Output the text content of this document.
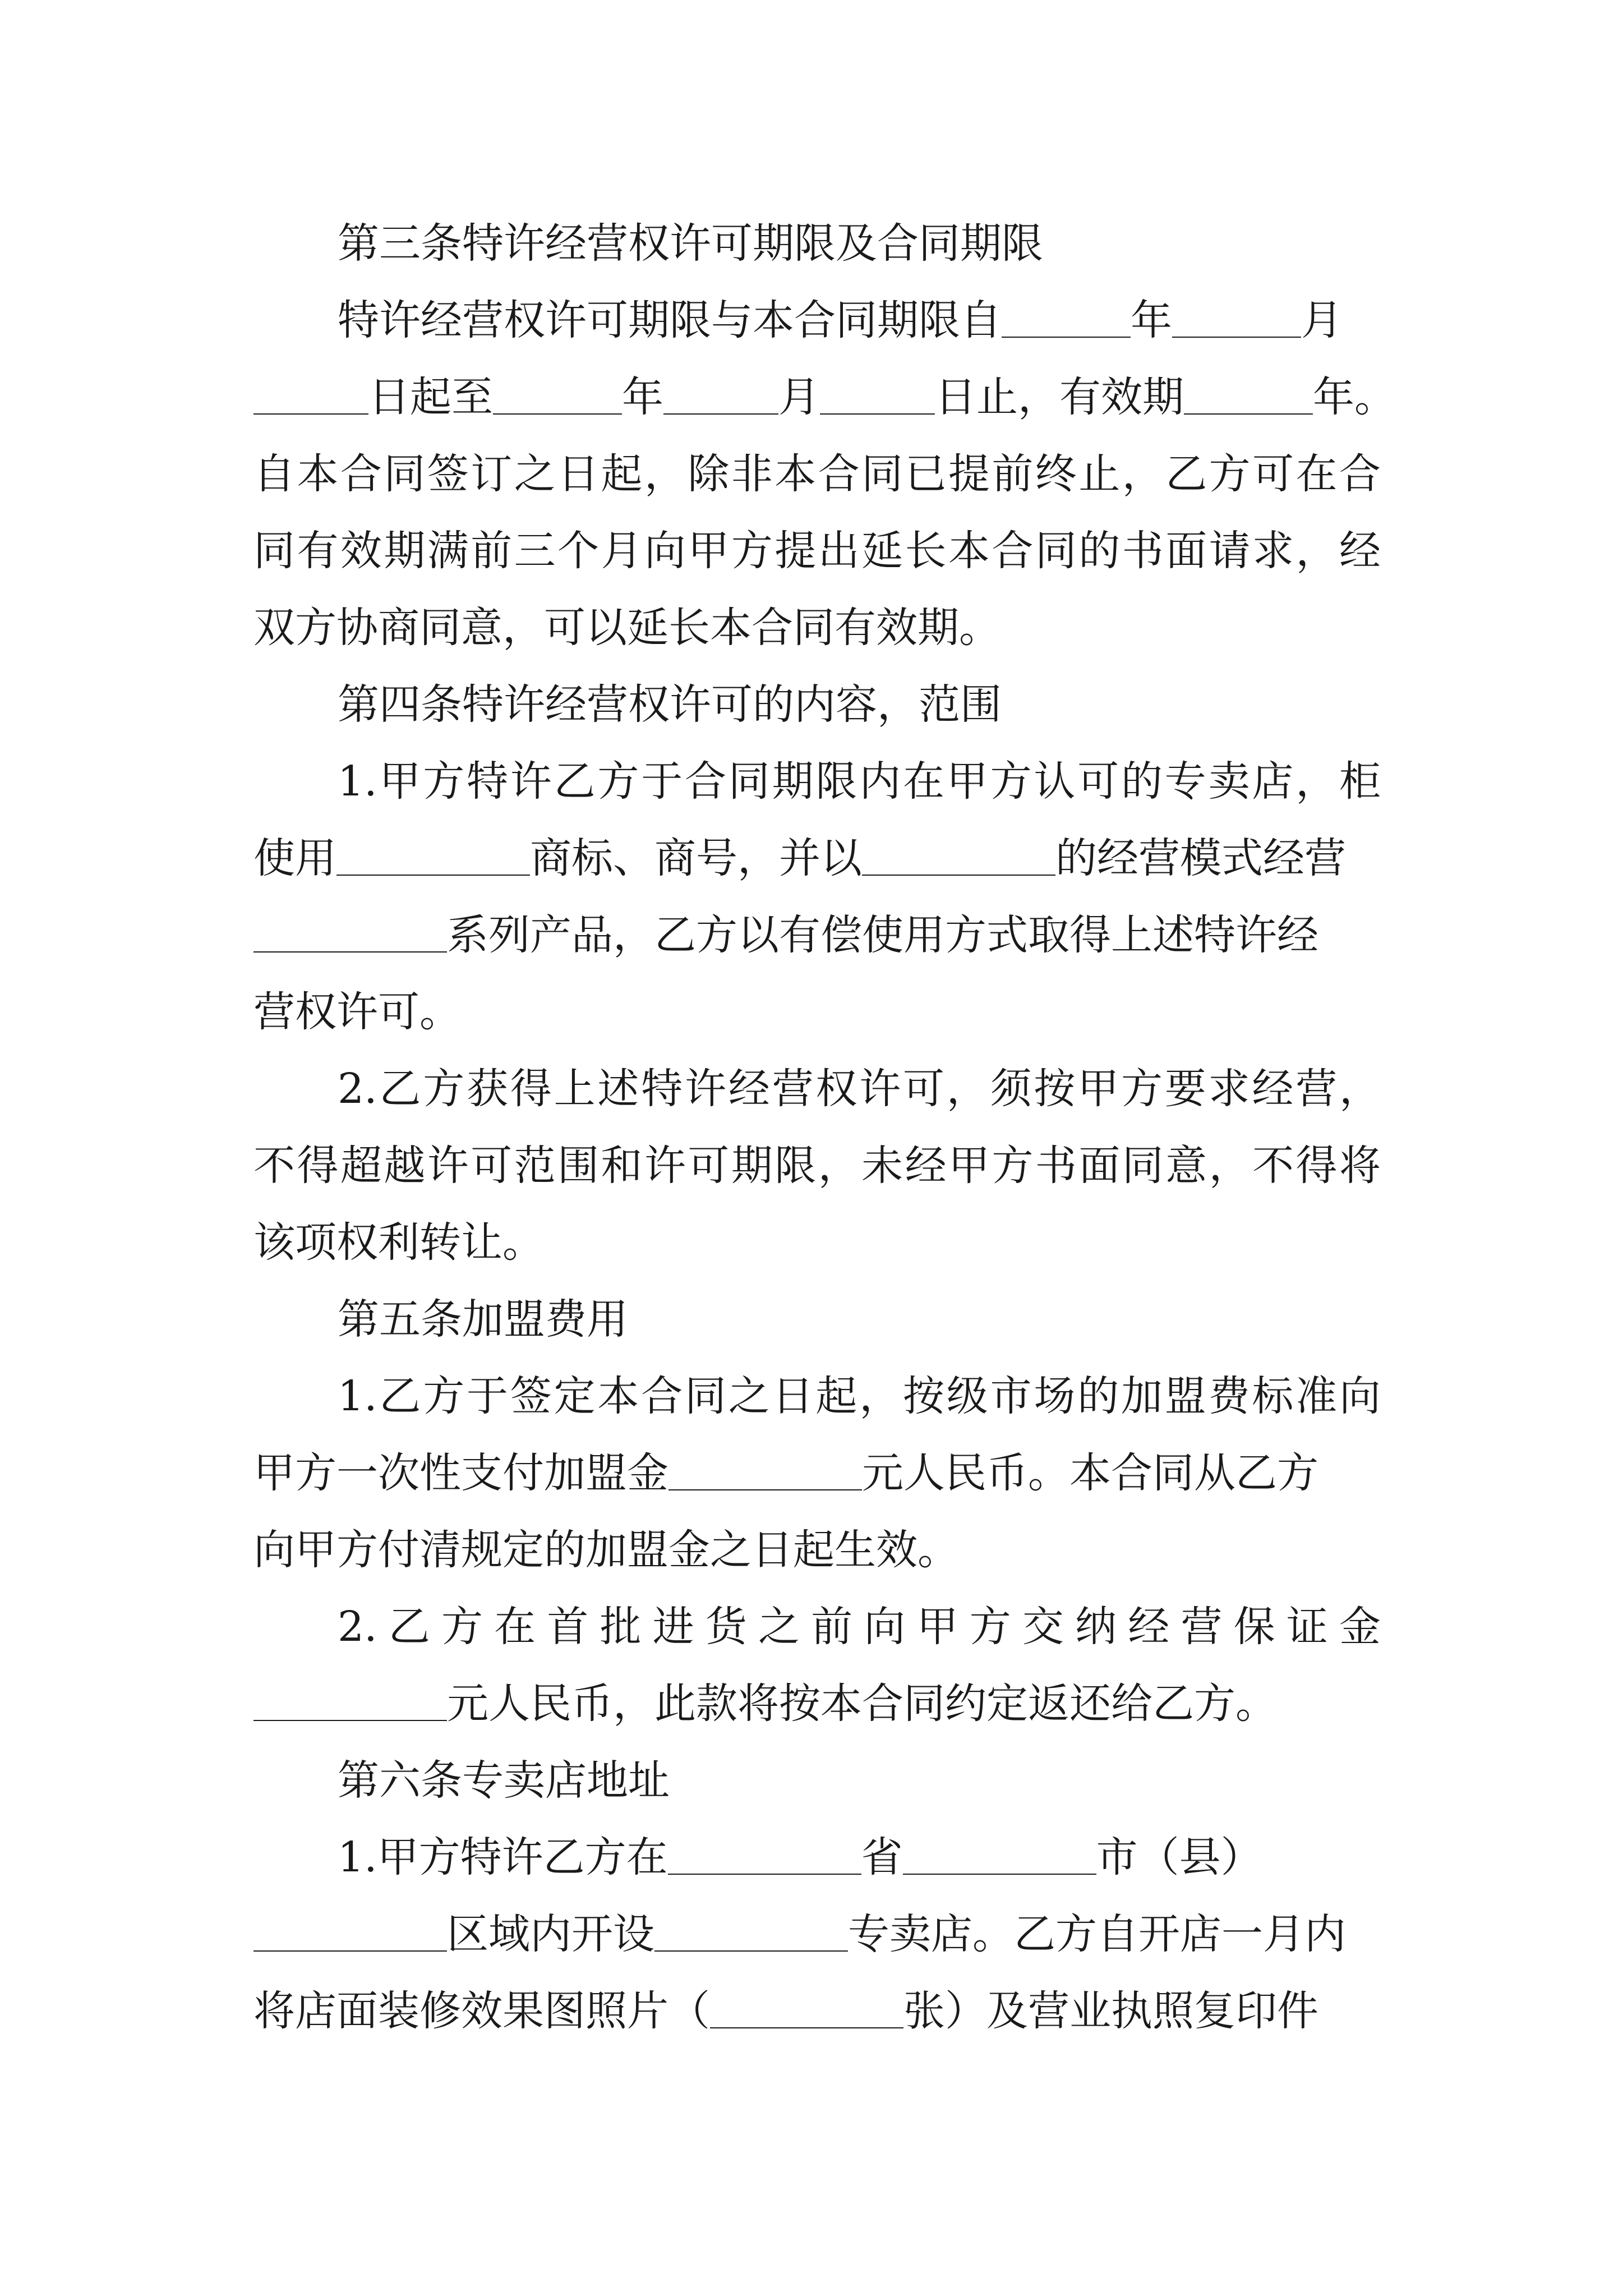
第三条特许经营权许可期限及合同期限
特许经营权许可期限与本合同期限自	年	月
日起至	年	月	日止，有效期	年。
自本合同签订之日起，除非本合同已提前终止，乙方可在合
同有效期满前三个月向甲方提出延长本合同的书面请求，经
双方协商同意，可以延长本合同有效期。
第四条特许经营权许可的内容，范围
1.甲方特许乙方于合同期限内在甲方认可的专卖店，柜
使用	商标、商号，并以	的经营模式经营
系列产品，乙方以有偿使用方式取得上述特许经
营权许可。
2.乙方获得上述特许经营权许可，须按甲方要求经营，
不得超越许可范围和许可期限，未经甲方书面同意，不得将
该项权利转让。
第五条加盟费用
1.乙方于签定本合同之日起，按级市场的加盟费标准向
甲方一次性支付加盟金	元人民币。本合同从乙方
向甲方付清规定的加盟金之日起生效。
2.乙方在首批进货之前向甲方交纳经营保证金
元人民币，此款将按本合同约定返还给乙方。
第六条专卖店地址
1.甲方特许乙方在	省	市（县）
区域内开设	专卖店。乙方自开店一月内
将店面装修效果图照片（	张）及营业执照复印件
